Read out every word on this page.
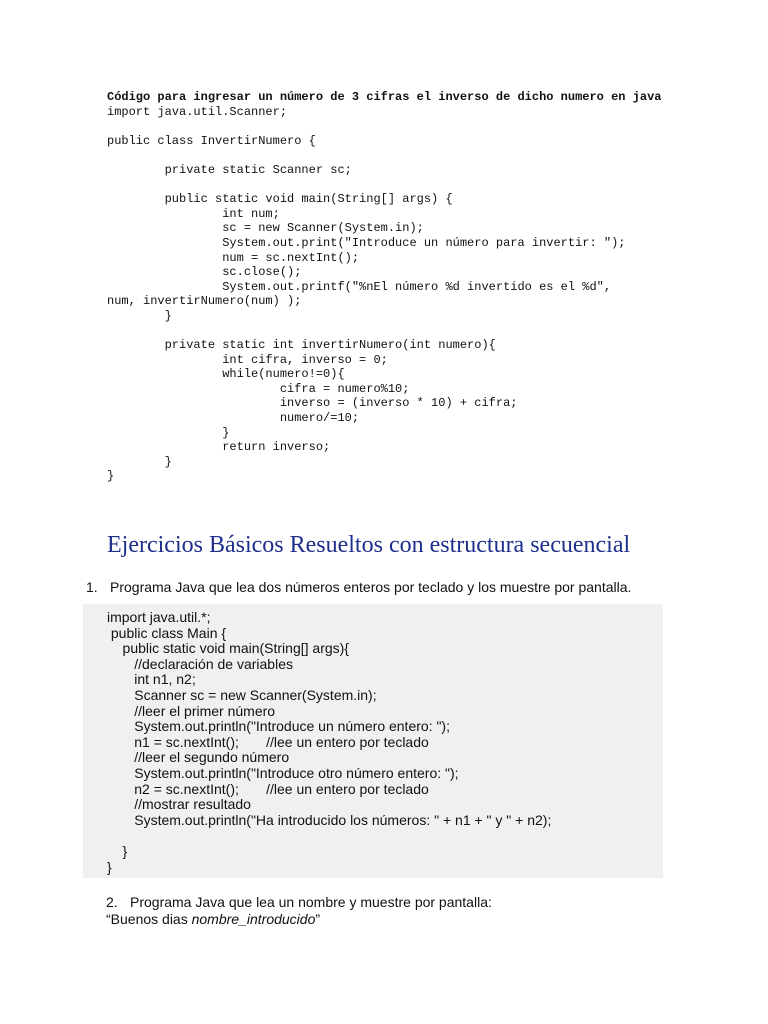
Código para ingresar un número de 3 cifras el inverso de dicho numero en java

import java.util.Scanner;

public class InvertirNumero {

private static Scanner sc;

public static void main(String[] args) {
int num;
sc = new Scanner(System.in);
System.out.print("Introduce un número para invertir: ");
num = sc.nextInt();
sc.close();
System.out.printf("%nEl número %d invertido es el %d",
num, invertirNumero(num) );
}

private static int invertirNumero(int numero){
int cifra, inverso = 0;
while(numero!=0){
cifra = numero%10;
inverso = (inverso * 10) + cifra;
numero/=10;
}
return inverso;
}
}
Ejercicios Básicos Resueltos con estructura secuencial

1. Programa Java que lea dos números enteros por teclado y los muestre por pantalla.

import java.util.*;
public class Main {
public static void main(String[] args){
//declaración de variables
int n1, n2;
Scanner sc = new Scanner(System.in);
//leer el primer número
System.out.println("Introduce un número entero: ");
n1 = sc.nextInt();       //lee un entero por teclado
//leer el segundo número
System.out.println("Introduce otro número entero: ");
n2 = sc.nextInt();       //lee un entero por teclado
//mostrar resultado
System.out.println("Ha introducido los números: " + n1 + " y " + n2);

}
}

2. Programa Java que lea un nombre y muestre por pantalla:

“Buenos dias nombre_introducido”
